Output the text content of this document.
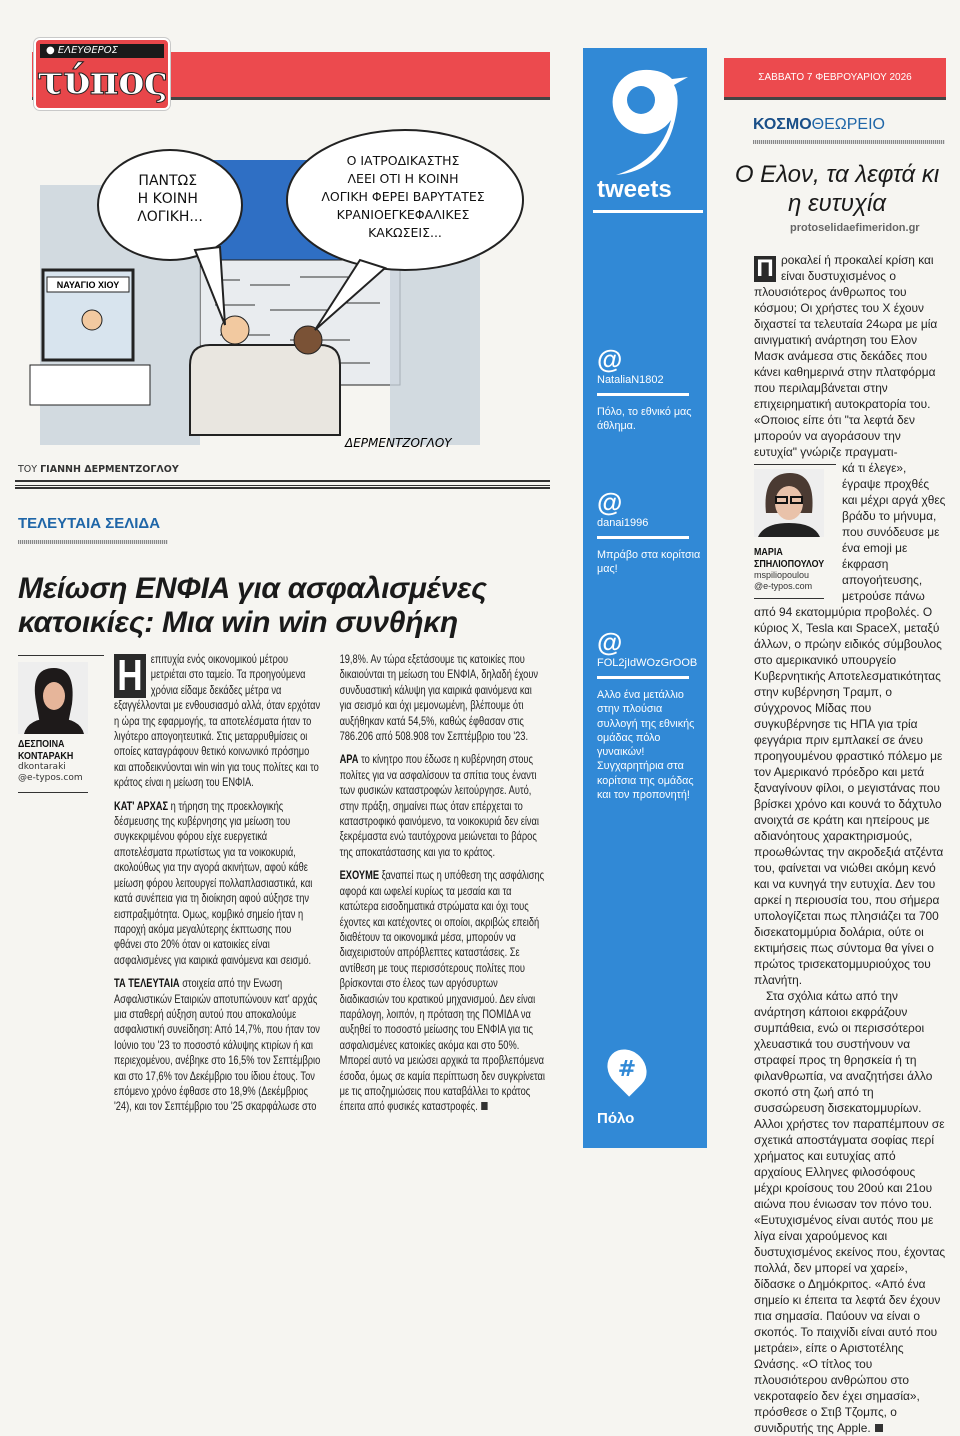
● ΕΛΕΥΘΕΡΟΣ
τύπος
ΝΑΥΑΓΙΟ ΧΙΟΥ
ΠΑΝΤΩΣ Η ΚΟΙΝΗ ΛΟΓΙΚΗ...
Ο ΙΑΤΡΟΔΙΚΑΣΤΗΣ ΛΕΕΙ ΟΤΙ Η ΚΟΙΝΗ ΛΟΓΙΚΗ ΦΕΡΕΙ ΒΑΡΥΤΑΤΕΣ ΚΡΑΝΙΟΕΓΚΕΦΑΛΙΚΕΣ ΚΑΚΩΣΕΙΣ...
ΔΕΡΜΕΝΤΖΟΓΛΟΥ
ΤΟΥ ΓΙΑΝΝΗ ΔΕΡΜΕΝΤΖΟΓΛΟΥ
ΤΕΛΕΥΤΑΙΑ ΣΕΛΙΔΑ
Μείωση ΕΝΦΙΑ για ασφαλισμένες κατοικίες: Μια win win συνθήκη
ΔΕΣΠΟΙΝΑ
ΚΟΝΤΑΡΑΚΗ
dkontaraki
@e-typos.com

Η επιτυχία ενός οικονομικού μέτρου μετριέται στο ταμείο. Τα προηγούμενα χρόνια είδαμε δεκάδες μέτρα να εξαγγέλλονται με ενθουσιασμό αλλά, όταν ερχόταν η ώρα της εφαρμογής, τα αποτελέσματα ήταν το λιγότερο απογοητευτικά. Στις μεταρρυθμίσεις οι οποίες καταγράφουν θετικό κοινωνικό πρόσημο και αποδεικνύονται win win για τους πολίτες και το κράτος είναι η μείωση του ΕΝΦΙΑ.

ΚΑΤ' ΑΡΧΑΣ η τήρηση της προεκλογικής δέσμευσης της κυβέρνησης για μείωση του συγκεκριμένου φόρου είχε ευεργετικά αποτελέσματα πρωτίστως για τα νοικοκυριά, ακολούθως για την αγορά ακινήτων, αφού κάθε μείωση φόρου λειτουργεί πολλαπλασιαστικά, και κατά συνέπεια για τη διοίκηση αφού αύξησε την εισπραξιμότητα. Ομως, κομβικό σημείο ήταν η παροχή ακόμα μεγαλύτερης έκπτωσης που φθάνει στο 20% όταν οι κατοικίες είναι ασφαλισμένες για καιρικά φαινόμενα και σεισμό.

ΤΑ ΤΕΛΕΥΤΑΙΑ στοιχεία από την Ενωση Ασφαλιστικών Εταιριών αποτυπώνουν κατ' αρχάς μια σταθερή αύξηση αυτού που αποκαλούμε ασφαλιστική συνείδηση: Από 14,7%, που ήταν τον Ιούνιο του '23 το ποσοστό κάλυψης κτιρίων ή και περιεχομένου, ανέβηκε στο 16,5% τον Σεπτέμβριο και στο 17,6% τον Δεκέμβριο του ίδιου έτους. Τον επόμενο χρόνο έφθασε στο 18,9% (Δεκέμβριος '24), και τον Σεπτέμβριο του '25 σκαρφάλωσε στο 19,8%. Αν τώρα εξετάσουμε τις κατοικίες που δικαιούνται τη μείωση του ΕΝΦΙΑ, δηλαδή έχουν συνδυαστική κάλυψη για καιρικά φαινόμενα και για σεισμό και όχι μεμονωμένη, βλέπουμε ότι αυξήθηκαν κατά 54,5%, καθώς έφθασαν στις 786.206 από 508.908 τον Σεπτέμβριο του '23.

ΑΡΑ το κίνητρο που έδωσε η κυβέρνηση στους πολίτες για να ασφαλίσουν τα σπίτια τους έναντι των φυσικών καταστροφών λειτούργησε. Αυτό, στην πράξη, σημαίνει πως όταν επέρχεται το καταστροφικό φαινόμενο, τα νοικοκυριά δεν είναι ξεκρέμαστα ενώ ταυτόχρονα μειώνεται το βάρος της αποκατάστασης και για το κράτος.

ΕΧΟΥΜΕ ξαναπεί πως η υπόθεση της ασφάλισης αφορά και ωφελεί κυρίως τα μεσαία και τα κατώτερα εισοδηματικά στρώματα και όχι τους έχοντες και κατέχοντες οι οποίοι, ακριβώς επειδή διαθέτουν τα οικονομικά μέσα, μπορούν να διαχειριστούν απρόβλεπτες καταστάσεις. Σε αντίθεση με τους περισσότερους πολίτες που βρίσκονται στο έλεος των αργόσυρτων διαδικασιών του κρατικού μηχανισμού. Δεν είναι παράλογη, λοιπόν, η πρόταση της ΠΟΜΙΔΑ να αυξηθεί το ποσοστό μείωσης του ΕΝΦΙΑ για τις ασφαλισμένες κατοικίες ακόμα και στο 50%. Μπορεί αυτό να μειώσει αρχικά τα προβλεπόμενα έσοδα, όμως σε καμία περίπτωση δεν συγκρίνεται με τις αποζημιώσεις που καταβάλλει το κράτος έπειτα από φυσικές καταστροφές.

tweets
@
NataliaN1802
Πόλο, το εθνικό μας άθλημα.
@
danai1996
Μπράβο στα κορίτσια μας!
@
FOL2jIdWOzGrOOB
Αλλο ένα μετάλλιο στην πλούσια συλλογή της εθνικής ομάδας πόλο γυναικών! Συγχαρητήρια στα κορίτσια της ομάδας και τον προπονητή!
#
Πόλο
ΣΑΒΒΑΤΟ 7 ΦΕΒΡΟΥΑΡΙΟΥ 2026
ΚΟΣΜΟΘΕΩΡΕΙΟ
Ο Ελον, τα λεφτά κι η ευτυχία
protoselidaefimeridon.gr

Π ροκαλεί ή προκαλεί κρίση και είναι δυστυχισμένος ο πλουσιότερος άνθρωπος του κόσμου; Οι χρήστες του Χ έχουν διχαστεί τα τελευταία 24ωρα με μία αινιγματική ανάρτηση του Ελον Μασκ ανάμεσα στις δεκάδες που κάνει καθημερινά στην πλατφόρμα που περιλαμβάνεται στην επιχειρηματική αυτοκρατορία του. «Οποιος είπε ότι "τα λεφτά δεν μπορούν να αγοράσουν την ευτυχία" γνώριζε πραγματι-

ΜΑΡΙΑ
ΣΠΗΛΙΟΠΟΥΛΟΥ
mspiliopoulou
@e-typos.com

κά τι έλεγε», έγραψε προχθές και μέχρι αργά χθες βράδυ το μήνυμα, που συνόδευσε με ένα emoji με έκφραση απογοήτευσης, μετρούσε πάνω από 94 εκατομμύρια προβολές. Ο κύριος Χ, Tesla και SpaceX, μεταξύ άλλων, ο πρώην ειδικός σύμβουλος στο αμερικανικό υπουργείο Κυβερνητικής Αποτελεσματικότητας στην κυβέρνηση Τραμπ, ο σύγχρονος Μίδας που συγκυβέρνησε τις ΗΠΑ για τρία φεγγάρια πριν εμπλακεί σε άνευ προηγουμένου φραστικό πόλεμο με τον Αμερικανό πρόεδρο και μετά ξαναγίνουν φίλοι, ο μεγιστάνας που βρίσκει χρόνο και κουνά το δάχτυλο ανοιχτά σε κράτη και ηπείρους με αδιανόητους χαρακτηρισμούς, προωθώντας την ακροδεξιά ατζέντα του, φαίνεται να νιώθει ακόμη κενό και να κυνηγά την ευτυχία. Δεν του αρκεί η περιουσία του, που σήμερα υπολογίζεται πως πλησιάζει τα 700 δισεκατομμύρια δολάρια, ούτε οι εκτιμήσεις πως σύντομα θα γίνει ο πρώτος τρισεκατομμυριούχος του πλανήτη.

Στα σχόλια κάτω από την ανάρτηση κάποιοι εκφράζουν συμπάθεια, ενώ οι περισσότεροι χλευαστικά του συστήνουν να στραφεί προς τη θρησκεία ή τη φιλανθρωπία, να αναζητήσει άλλο σκοπό στη ζωή από τη συσσώρευση δισεκατομμυρίων. Αλλοι χρήστες τον παραπέμπουν σε σχετικά αποστάγματα σοφίας περί χρήματος και ευτυχίας από αρχαίους Ελληνες φιλοσόφους μέχρι κροίσους του 20ού και 21ου αιώνα που ένιωσαν τον πόνο του. «Ευτυχισμένος είναι αυτός που με λίγα είναι χαρούμενος και δυστυχισμένος εκείνος που, έχοντας πολλά, δεν μπορεί να χαρεί», δίδασκε ο Δημόκριτος. «Από ένα σημείο κι έπειτα τα λεφτά δεν έχουν πια σημασία. Παύουν να είναι ο σκοπός. Το παιχνίδι είναι αυτό που μετράει», είπε ο Αριστοτέλης Ωνάσης. «Ο τίτλος του πλουσιότερου ανθρώπου στο νεκροταφείο δεν έχει σημασία», πρόσθεσε ο Στιβ Τζομπς, ο συνιδρυτής της Apple.
